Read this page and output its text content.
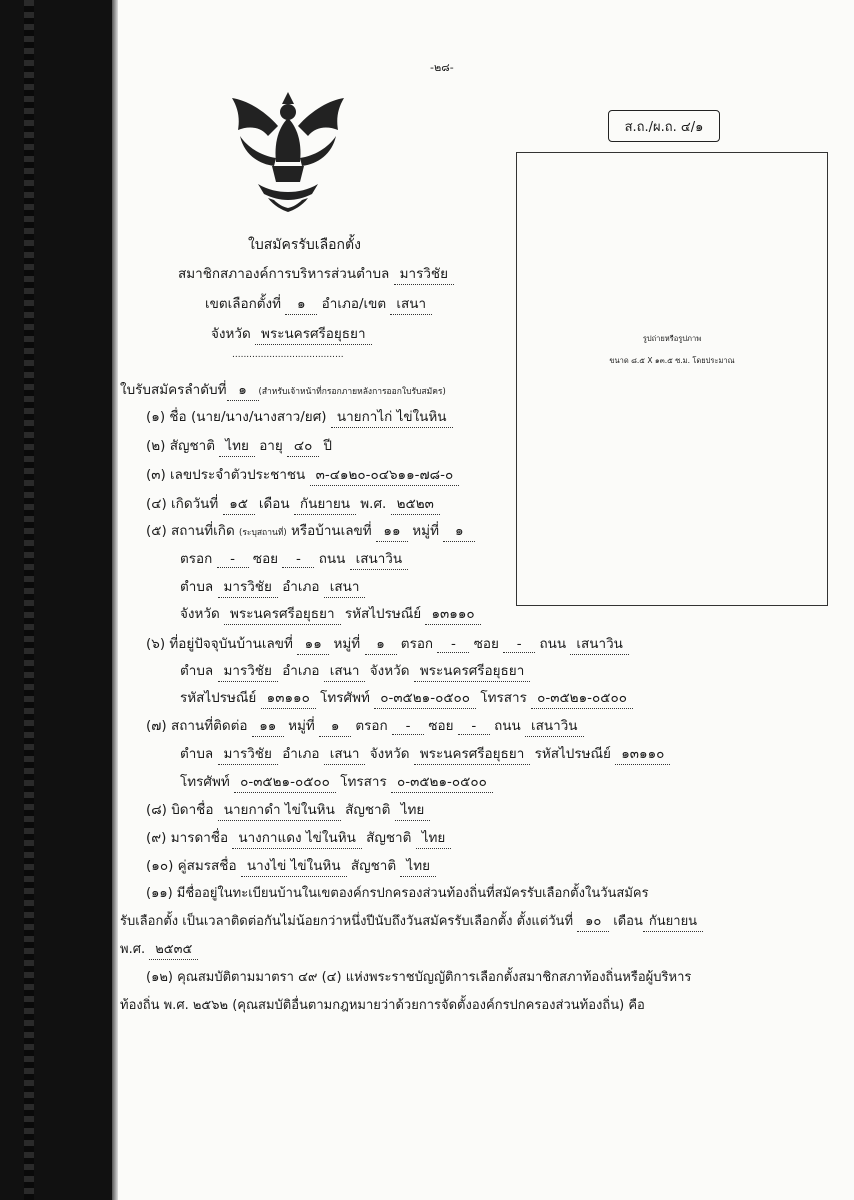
-๒๘-
ส.ถ./ผ.ถ. ๔/๑
ใบสมัครรับเลือกตั้ง
สมาชิกสภาองค์การบริหารส่วนตำบล มารวิชัย
เขตเลือกตั้งที่ ๑ อำเภอ/เขต เสนา
จังหวัด พระนครศรีอยุธยา
.......................................
รูปถ่ายหรือรูปภาพ
ขนาด ๘.๕ X ๑๓.๕ ซ.ม. โดยประมาณ
ใบรับสมัครลำดับที่ ๑ (สำหรับเจ้าหน้าที่กรอกภายหลังการออกใบรับสมัคร)
(๑) ชื่อ (นาย/นาง/นางสาว/ยศ) นายกาไก่ ไข่ในหิน
(๒) สัญชาติ ไทย อายุ ๔๐ ปี
(๓) เลขประจำตัวประชาชน ๓-๔๑๒๐-๐๔๖๑๑-๗๘-๐
(๔) เกิดวันที่ ๑๕ เดือน กันยายน พ.ศ. ๒๕๒๓
(๕) สถานที่เกิด (ระบุสถานที่) หรือบ้านเลขที่ ๑๑ หมู่ที่ ๑
ตรอก - ซอย - ถนน เสนาวิน
ตำบล มารวิชัย อำเภอ เสนา
จังหวัด พระนครศรีอยุธยา รหัสไปรษณีย์ ๑๓๑๑๐
(๖) ที่อยู่ปัจจุบันบ้านเลขที่ ๑๑ หมู่ที่ ๑ ตรอก - ซอย - ถนน เสนาวิน
ตำบล มารวิชัย อำเภอ เสนา จังหวัด พระนครศรีอยุธยา
รหัสไปรษณีย์ ๑๓๑๑๐ โทรศัพท์ ๐-๓๕๒๑-๐๕๐๐ โทรสาร ๐-๓๕๒๑-๐๕๐๐
(๗) สถานที่ติดต่อ ๑๑ หมู่ที่ ๑ ตรอก - ซอย - ถนน เสนาวิน
ตำบล มารวิชัย อำเภอ เสนา จังหวัด พระนครศรีอยุธยา รหัสไปรษณีย์ ๑๓๑๑๐
โทรศัพท์ ๐-๓๕๒๑-๐๕๐๐ โทรสาร ๐-๓๕๒๑-๐๕๐๐
(๘) บิดาชื่อ นายกาดำ ไข่ในหิน สัญชาติ ไทย
(๙) มารดาชื่อ นางกาแดง ไข่ในหิน สัญชาติ ไทย
(๑๐) คู่สมรสชื่อ นางไข่ ไข่ในหิน สัญชาติ ไทย
(๑๑) มีชื่ออยู่ในทะเบียนบ้านในเขตองค์กรปกครองส่วนท้องถิ่นที่สมัครรับเลือกตั้งในวันสมัคร
รับเลือกตั้ง เป็นเวลาติดต่อกันไม่น้อยกว่าหนึ่งปีนับถึงวันสมัครรับเลือกตั้ง ตั้งแต่วันที่ ๑๐ เดือน กันยายน
พ.ศ. ๒๕๓๕
(๑๒) คุณสมบัติตามมาตรา ๔๙ (๔) แห่งพระราชบัญญัติการเลือกตั้งสมาชิกสภาท้องถิ่นหรือผู้บริหาร
ท้องถิ่น พ.ศ. ๒๕๖๒ (คุณสมบัติอื่นตามกฎหมายว่าด้วยการจัดตั้งองค์กรปกครองส่วนท้องถิ่น) คือ
